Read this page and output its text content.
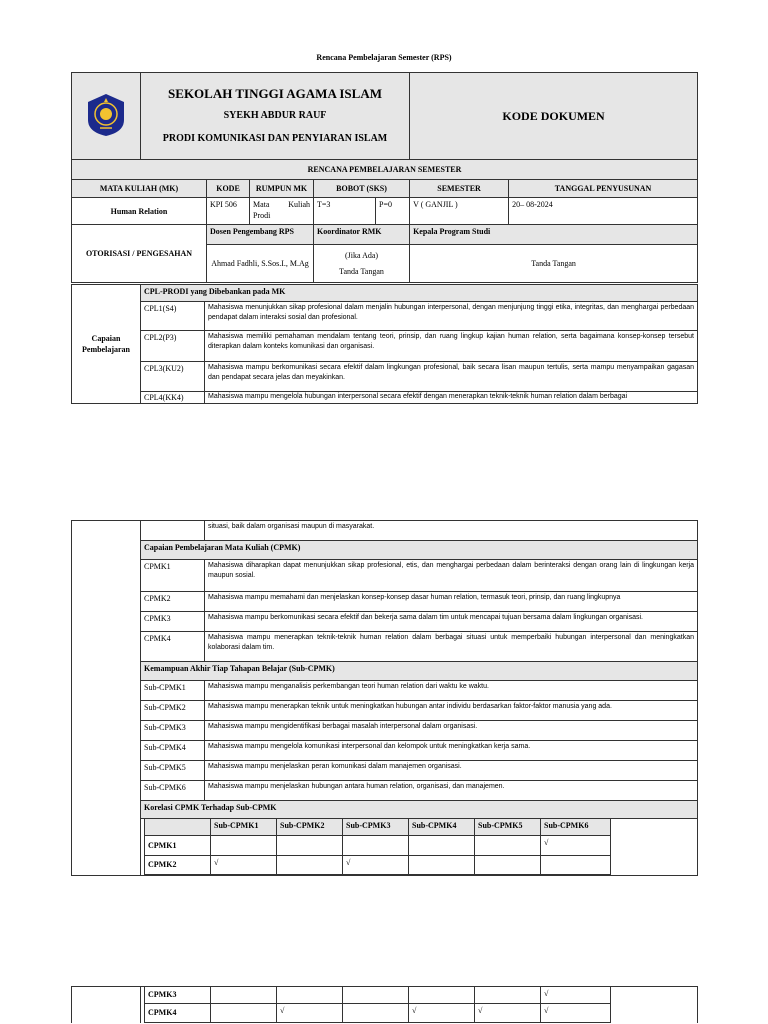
Rencana Pembelajaran Semester (RPS)

SEKOLAH TINGGI AGAMA ISLAM
SYEKH ABDUR RAUF
PRODI KOMUNIKASI DAN PENYIARAN ISLAM					KODE DOKUMEN	
RENCANA PEMBELAJARAN SEMESTER							
MATA KULIAH (MK)		KODE	RUMPUN MK	BOBOT (SKS)		SEMESTER	TANGGAL PENYUSUNAN
Human Relation		KPI 506	Mata Kuliah Prodi	T=3	P=0	V ( GANJIL )	20– 08-2024
OTORISASI / PENGESAHAN		Dosen Pengembang RPS		Koordinator RMK		Kepala Program Studi	
		Ahmad Fadhli, S.Sos.I., M.Ag		(Jika Ada)
Tanda Tangan		Tanda Tangan	
Capaian Pembelajaran	CPL-PRODI yang Dibebankan pada MK	
	CPL1(S4)	Mahasiswa menunjukkan sikap profesional dalam menjalin hubungan interpersonal, dengan menjunjung tinggi etika, integritas, dan menghargai perbedaan pendapat dalam interaksi sosial dan profesional.
	CPL2(P3)	Mahasiswa memiliki pemahaman mendalam tentang teori, prinsip, dan ruang lingkup kajian human relation, serta bagaimana konsep-konsep tersebut diterapkan dalam konteks komunikasi dan organisasi.
	CPL3(KU2)	Mahasiswa mampu berkomunikasi secara efektif dalam lingkungan profesional, baik secara lisan maupun tertulis, serta mampu menyampaikan gagasan dan pendapat secara jelas dan meyakinkan.
	CPL4(KK4)	Mahasiswa mampu mengelola hubungan interpersonal secara efektif dengan menerapkan teknik-teknik human relation dalam berbagai
		situasi, baik dalam organisasi maupun di masyarakat.
Capaian Pembelajaran Mata Kuliah (CPMK)
CPMK1	Mahasiswa diharapkan dapat menunjukkan sikap profesional, etis, dan menghargai perbedaan dalam berinteraksi dengan orang lain di lingkungan kerja maupun sosial.
CPMK2	Mahasiswa mampu memahami dan menjelaskan konsep-konsep dasar human relation, termasuk teori, prinsip, dan ruang lingkupnya
CPMK3	Mahasiswa mampu berkomunikasi secara efektif dan bekerja sama dalam tim untuk mencapai tujuan bersama dalam lingkungan organisasi.
CPMK4	Mahasiswa mampu menerapkan teknik-teknik human relation dalam berbagai situasi untuk memperbaiki hubungan interpersonal dan meningkatkan kolaborasi dalam tim.
Kemampuan Akhir Tiap Tahapan Belajar (Sub-CPMK)
Sub-CPMK1	Mahasiswa mampu menganalisis perkembangan teori human relation dari waktu ke waktu.
Sub-CPMK2	Mahasiswa mampu menerapkan teknik untuk meningkatkan hubungan antar individu berdasarkan faktor-faktor manusia yang ada.
Sub-CPMK3	Mahasiswa mampu mengidentifikasi berbagai masalah interpersonal dalam organisasi.
Sub-CPMK4	Mahasiswa mampu mengelola komunikasi interpersonal dan kelompok untuk meningkatkan kerja sama.
Sub-CPMK5	Mahasiswa mampu menjelaskan peran komunikasi dalam manajemen organisasi.
Sub-CPMK6	Mahasiswa mampu menjelaskan hubungan antara human relation, organisasi, dan manajemen.
Korelasi CPMK Terhadap Sub-CPMK

	Sub-CPMK1	Sub-CPMK2	Sub-CPMK3	Sub-CPMK4	Sub-CPMK5	Sub-CPMK6
CPMK1						√
CPMK2	√		√			

CPMK3						√
CPMK4		√		√	√	√
